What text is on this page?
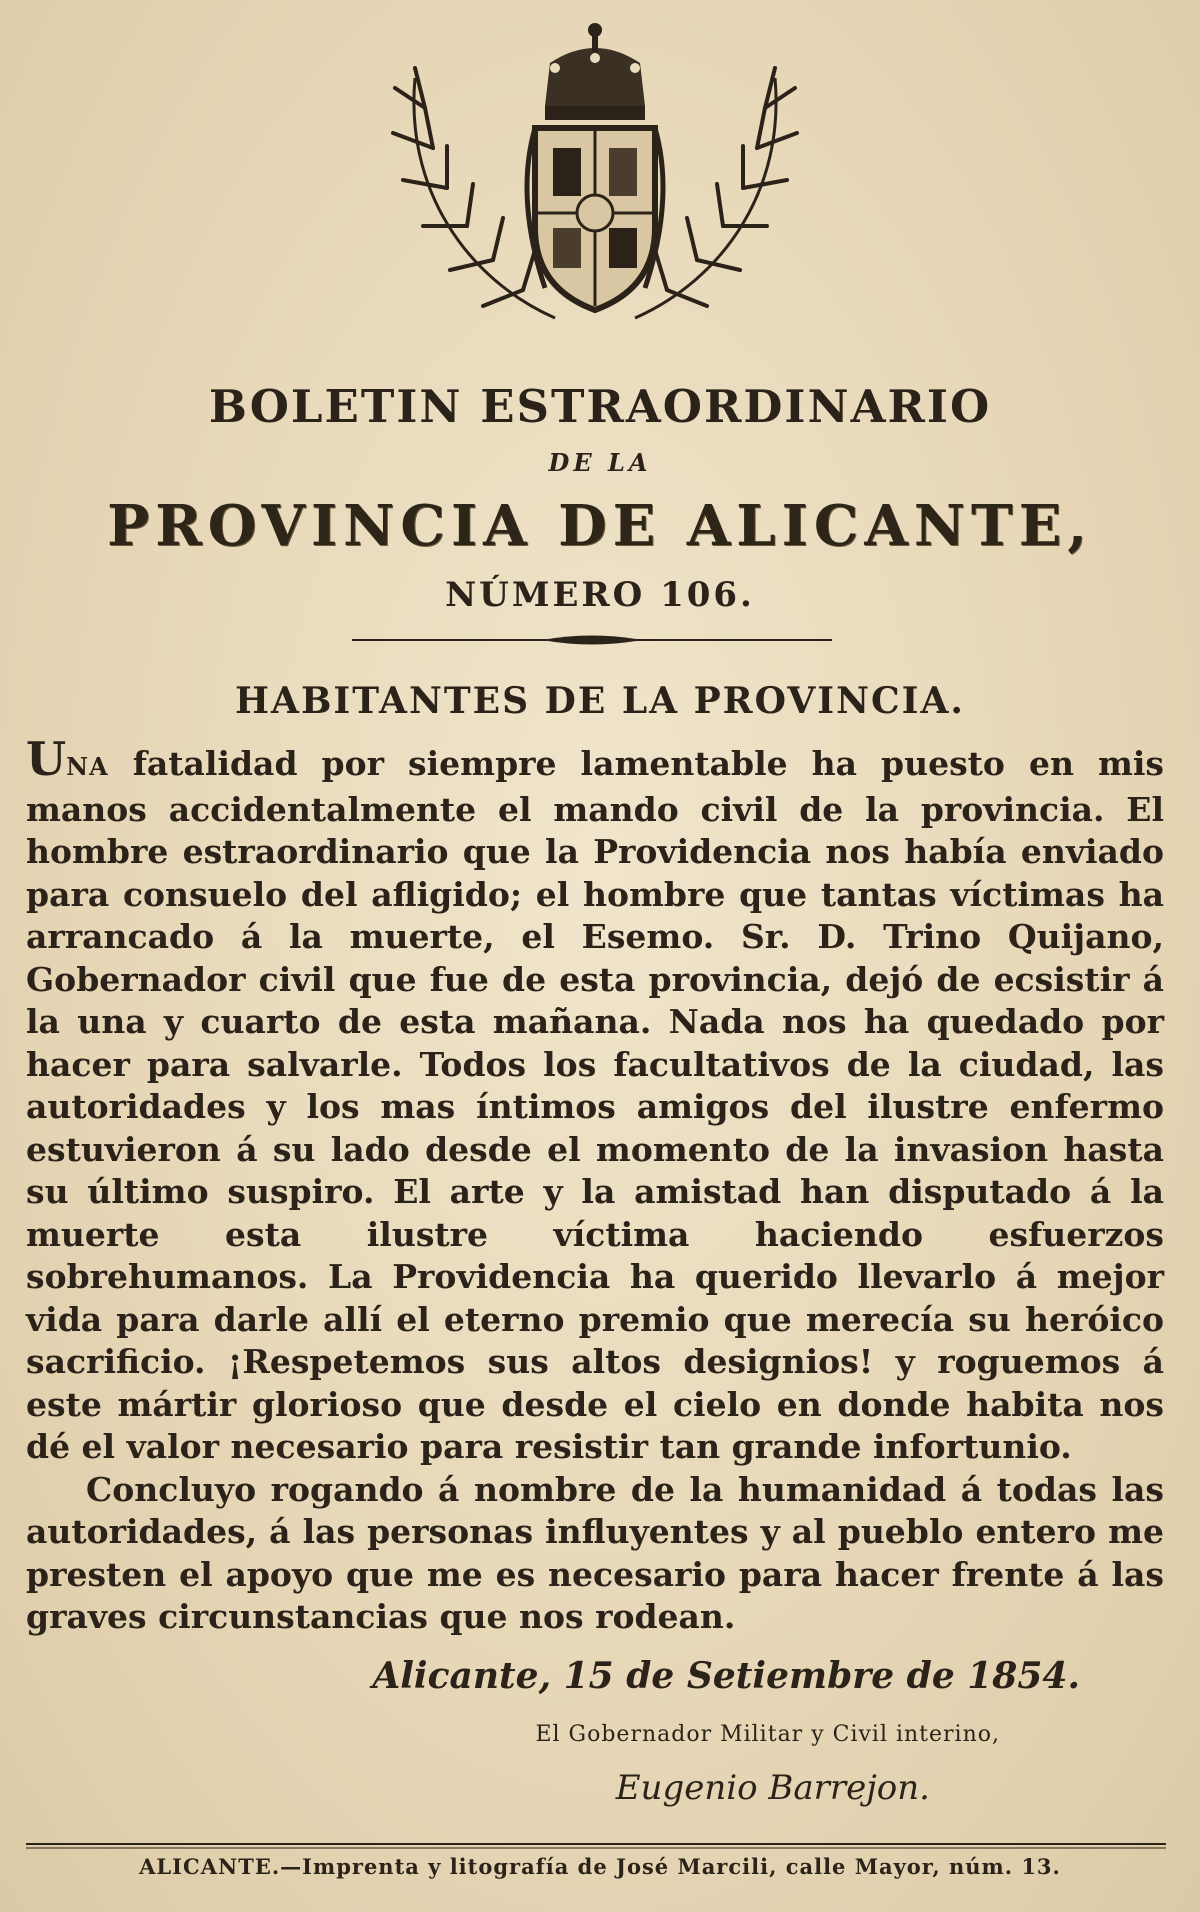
BOLETIN ESTRAORDINARIO
DE LA
PROVINCIA DE ALICANTE,
NÚMERO 106.
HABITANTES DE LA PROVINCIA.

UNA fatalidad por siempre lamentable ha puesto en mis manos accidentalmente el mando civil de la provincia. El hombre estraordinario que la Providencia nos había enviado para consuelo del afligido; el hombre que tantas víctimas ha arrancado á la muerte, el Esemo. Sr. D. Trino Quijano, Gobernador civil que fue de esta provincia, dejó de ecsistir á la una y cuarto de esta mañana. Nada nos ha quedado por hacer para salvarle. Todos los facultativos de la ciudad, las autoridades y los mas íntimos amigos del ilustre enfermo estuvieron á su lado desde el momento de la invasion hasta su último suspiro. El arte y la amistad han disputado á la muerte esta ilustre víctima haciendo esfuerzos sobrehumanos. La Providencia ha querido llevarlo á mejor vida para darle allí el eterno premio que merecía su heróico sacrificio. ¡Respetemos sus altos designios! y roguemos á este mártir glorioso que desde el cielo en donde habita nos dé el valor necesario para resistir tan grande infortunio.

Concluyo rogando á nombre de la humanidad á todas las autoridades, á las personas influyentes y al pueblo entero me presten el apoyo que me es necesario para hacer frente á las graves circunstancias que nos rodean.

Alicante, 15 de Setiembre de 1854.
El Gobernador Militar y Civil interino,
Eugenio Barrejon.
ALICANTE.—Imprenta y litografía de José Marcili, calle Mayor, núm. 13.
